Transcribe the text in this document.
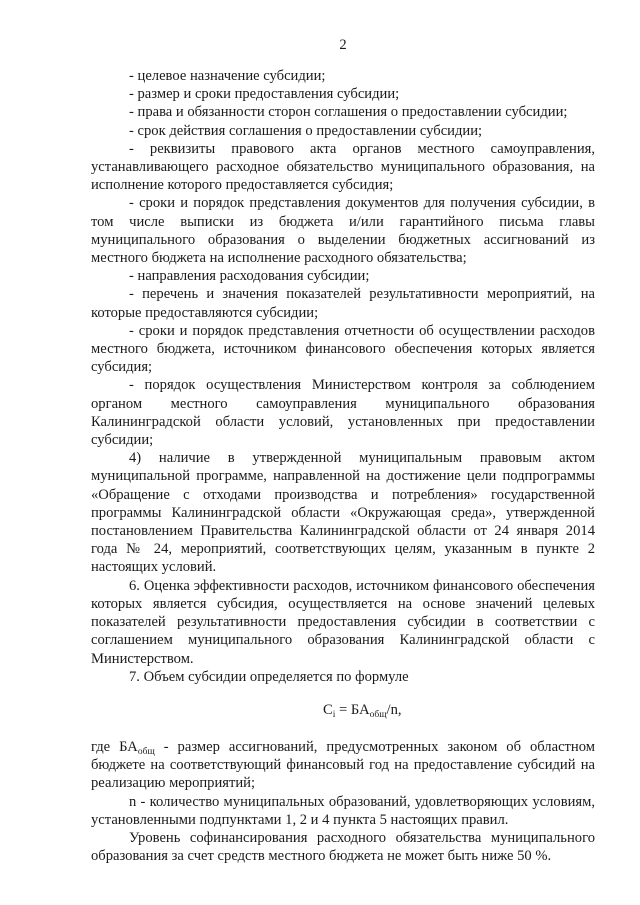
2

- целевое назначение субсидии;

- размер и сроки предоставления субсидии;

- права и обязанности сторон соглашения о предоставлении субсидии;

- срок действия соглашения о предоставлении субсидии;

- реквизиты правового акта органов местного самоуправления, устанавливающего расходное обязательство муниципального образования, на исполнение которого предоставляется субсидия;

- сроки и порядок представления документов для получения субсидии, в том числе выписки из бюджета и/или гарантийного письма главы муниципального образования о выделении бюджетных ассигнований из местного бюджета на исполнение расходного обязательства;

- направления расходования субсидии;

- перечень и значения показателей результативности мероприятий, на которые предоставляются субсидии;

- сроки и порядок представления отчетности об осуществлении расходов местного бюджета, источником финансового обеспечения которых является субсидия;

- порядок осуществления Министерством контроля за соблюдением органом местного самоуправления муниципального образования Калининградской области условий, установленных при предоставлении субсидии;

4) наличие в утвержденной муниципальным правовым актом муниципальной программе, направленной на достижение цели подпрограммы «Обращение с отходами производства и потребления» государственной программы Калининградской области «Окружающая среда», утвержденной постановлением Правительства Калининградской области от 24 января 2014 года № 24, мероприятий, соответствующих целям, указанным в пункте 2 настоящих условий.

6. Оценка эффективности расходов, источником финансового обеспечения которых является субсидия, осуществляется на основе значений целевых показателей результативности предоставления субсидии в соответствии с соглашением муниципального образования Калининградской области с Министерством.

7. Объем субсидии определяется по формуле

$C_i = БА_{общ}/n$,

где $БА_{общ}$ - размер ассигнований, предусмотренных законом об областном бюджете на соответствующий финансовый год на предоставление субсидий на реализацию мероприятий;

n - количество муниципальных образований, удовлетворяющих условиям, установленными подпунктами 1, 2 и 4 пункта 5 настоящих правил.

Уровень софинансирования расходного обязательства муниципального образования за счет средств местного бюджета не может быть ниже 50 %.
